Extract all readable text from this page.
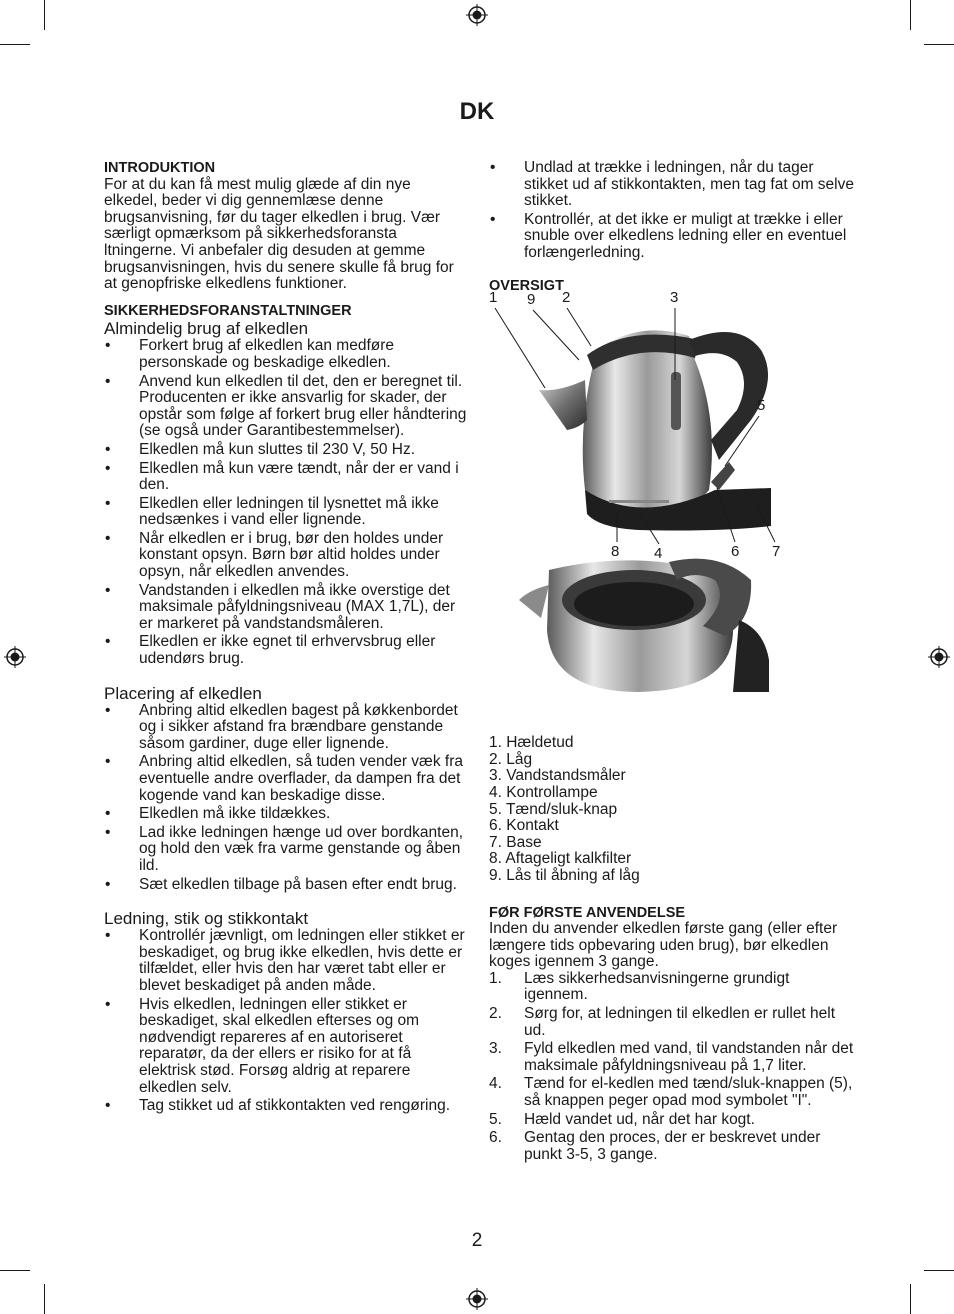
DK

INTRODUKTION

For at du kan få mest mulig glæde af din nye elkedel, beder vi dig gennemlæse denne brugsanvisning, før du tager elkedlen i brug. Vær særligt opmærksom på sikkerhedsforansta ltningerne. Vi anbefaler dig desuden at gemme brugsanvisningen, hvis du senere skulle få brug for at genopfriske elkedlens funktioner.

SIKKERHEDSFORANSTALTNINGER

Almindelig brug af elkedlen

• Forkert brug af elkedlen kan medføre personskade og beskadige elkedlen.
• Anvend kun elkedlen til det, den er beregnet til. Producenten er ikke ansvarlig for skader, der opstår som følge af forkert brug eller håndtering (se også under Garantibestemmelser).
• Elkedlen må kun sluttes til 230 V, 50 Hz.
• Elkedlen må kun være tændt, når der er vand i den.
• Elkedlen eller ledningen til lysnettet må ikke nedsænkes i vand eller lignende.
• Når elkedlen er i brug, bør den holdes under konstant opsyn. Børn bør altid holdes under opsyn, når elkedlen anvendes.
• Vandstanden i elkedlen må ikke overstige det maksimale påfyldningsniveau (MAX 1,7L), der er markeret på vandstandsmåleren.
• Elkedlen er ikke egnet til erhvervsbrug eller udendørs brug.

Placering af elkedlen

• Anbring altid elkedlen bagest på køkkenbordet og i sikker afstand fra brændbare genstande såsom gardiner, duge eller lignende.
• Anbring altid elkedlen, så tuden vender væk fra eventuelle andre overflader, da dampen fra det kogende vand kan beskadige disse.
• Elkedlen må ikke tildækkes.
• Lad ikke ledningen hænge ud over bordkanten, og hold den væk fra varme genstande og åben ild.
• Sæt elkedlen tilbage på basen efter endt brug.

Ledning, stik og stikkontakt

• Kontrollér jævnligt, om ledningen eller stikket er beskadiget, og brug ikke elkedlen, hvis dette er tilfældet, eller hvis den har været tabt eller er blevet beskadiget på anden måde.
• Hvis elkedlen, ledningen eller stikket er beskadiget, skal elkedlen efterses og om nødvendigt repareres af en autoriseret reparatør, da der ellers er risiko for at få elektrisk stød. Forsøg aldrig at reparere elkedlen selv.
• Tag stikket ud af stikkontakten ved rengøring.
• Undlad at trække i ledningen, når du tager stikket ud af stikkontakten, men tag fat om selve stikket.
• Kontrollér, at det ikke er muligt at trække i eller snuble over elkedlens ledning eller en eventuel forlængerledning.

OVERSIGT

1 9 2	3
5
8 4	6 7
1. Hældetud
2. Låg
3. Vandstandsmåler
4. Kontrollampe
5. Tænd/sluk-knap
6. Kontakt
7. Base
8. Aftageligt kalkfilter
9. Lås til åbning af låg

FØR FØRSTE ANVENDELSE

Inden du anvender elkedlen første gang (eller efter længere tids opbevaring uden brug), bør elkedlen koges igennem 3 gange.

1. Læs sikkerhedsanvisningerne grundigt igennem.
2. Sørg for, at ledningen til elkedlen er rullet helt ud.
3. Fyld elkedlen med vand, til vandstanden når det maksimale påfyldningsniveau på 1,7 liter.
4. Tænd for el-kedlen med tænd/sluk-knappen (5), så knappen peger opad mod symbolet "I".
5. Hæld vandet ud, når det har kogt.
6. Gentag den proces, der er beskrevet under punkt 3-5, 3 gange.
2
